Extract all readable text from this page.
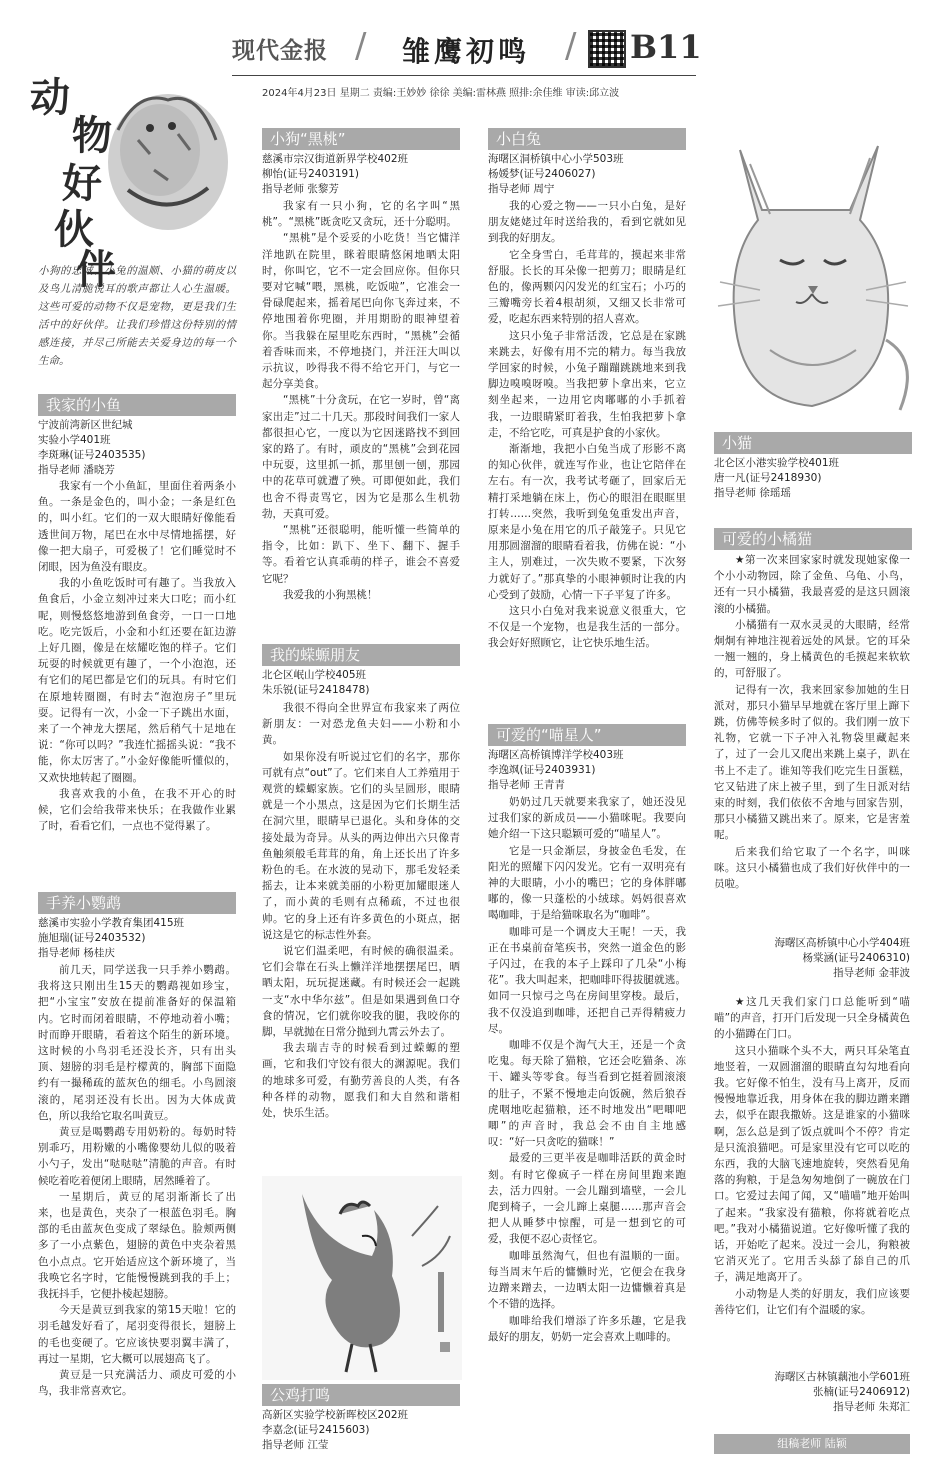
现代金报 / 雏鹰初鸣 / B11
2024年4月23日 星期二 责编:王妙妙 徐徐 美编:雷林燕 照排:余佳维 审读:邱立波
动
物
好
伙
伴
小狗的忠诚、小兔的温顺、小猫的萌皮以及鸟儿清脆悦耳的歌声都让人心生温暖。这些可爱的动物不仅是宠物，更是我们生活中的好伙伴。让我们珍惜这份特别的情感连接，并尽己所能去关爱身边的每一个生命。
我家的小鱼
宁波前湾新区世纪城
实验小学401班
李斑琳(证号2403535)
指导老师 潘晓芳

我家有一个小鱼缸，里面住着两条小鱼。一条是金色的，叫小金；一条是红色的，叫小红。它们的一双大眼睛好像能看透世间万物，尾巴在水中尽情地摇摆，好像一把大扇子，可爱极了！它们睡觉时不闭眼，因为鱼没有眼皮。

我的小鱼吃饭时可有趣了。当我放入鱼食后，小金立刻冲过来大口吃；而小红呢，则慢悠悠地游到鱼食旁，一口一口地吃。吃完饭后，小金和小红还要在缸边游上好几圈，像是在炫耀吃饱的样子。它们玩耍的时候就更有趣了，一个小泡泡，还有它们的尾巴都是它们的玩具。有时它们在原地转圈圈，有时去“泡泡房子”里玩耍。记得有一次，小金一下子跳出水面，来了一个神龙大摆尾，然后稍气十足地在说：“你可以吗？”我连忙摇摇头说：“我不能，你太厉害了。”小金好像能听懂似的，又欢快地转起了圈圈。

我喜欢我的小鱼，在我不开心的时候，它们会给我带来快乐；在我做作业累了时，看看它们，一点也不觉得累了。

手养小鹦鹉
慈溪市实验小学教育集团415班
施旭瑞(证号2403532)
指导老师 杨桂庆

前几天，同学送我一只手养小鹦鹉。我将这只刚出生15天的鹦鹉视如珍宝，把“小宝宝”安放在提前准备好的保温箱内。它时而闭着眼睛，不停地动着小嘴；时而睁开眼睛，看着这个陌生的新环境。这时候的小鸟羽毛还没长齐，只有出头顶、翅膀的羽毛是柠檬黄的，胸部下面隐约有一撮稀疏的蓝灰色的细毛。小鸟圆滚滚的，尾羽还没有长出。因为大体成黄色，所以我给它取名叫黄豆。

黄豆是喝鹦鹉专用奶粉的。每奶时特别乖巧，用粉嫩的小嘴像婴幼儿似的吸着小勺子，发出“哒哒哒”清脆的声音。有时候吃着吃着便闭上眼睛，居然睡着了。

一星期后，黄豆的尾羽渐渐长了出来，也是黄色，夹杂了一根蓝色羽毛。胸部的毛由蓝灰色变成了翠绿色。脸颊两侧多了一小点紫色，翅膀的黄色中夹杂着黑色小点点。它开始适应这个新环境了，当我唤它名字时，它能慢慢跳到我的手上；我抚抖手，它便扑棱起翅膀。

今天是黄豆到我家的第15天啦！它的羽毛越发好看了，尾羽变得很长，翅膀上的毛也变硬了。它应该快要羽翼丰满了，再过一星期，它大概可以展翅高飞了。

黄豆是一只充满活力、顽皮可爱的小鸟，我非常喜欢它。

小狗“黑桃”
慈溪市宗汉街道新界学校402班
柳怡(证号2403191)
指导老师 张黎芳

我家有一只小狗，它的名字叫“黑桃”。“黑桃”既贪吃又贪玩，还十分聪明。

“黑桃”是个妥妥的小吃货！当它慵洋洋地趴在院里，眯着眼睛悠闲地晒太阳时，你叫它，它不一定会回应你。但你只要对它喊“喂，黑桃，吃饭啦”，它准会一骨碌爬起来，摇着尾巴向你飞奔过来，不停地围着你兜圈，并用期盼的眼神望着你。当我躲在屋里吃东西时，“黑桃”会循着香味而来，不停地挠门，并汪汪大叫以示抗议，吵得我不得不给它开门，与它一起分享美食。

“黑桃”十分贪玩，在它一岁时，曾“离家出走”过二十几天。那段时间我们一家人都很担心它，一度以为它因迷路找不到回家的路了。有时，顽皮的“黑桃”会到花园中玩耍，这里抓一抓，那里刨一刨，那园中的花草可就遭了殃。可即便如此，我们也舍不得责骂它，因为它是那么生机勃勃，天真可爱。

“黑桃”还很聪明，能听懂一些简单的指令，比如：趴下、坐下、翻下、握手等。看着它认真乖萌的样子，谁会不喜爱它呢？

我爱我的小狗黑桃！

我的蝾螈朋友
北仑区岷山学校405班
朱乐锐(证号2418478)

我很不得向全世界宣布我家来了两位新朋友：一对恐龙鱼夫妇——小粉和小黄。

如果你没有听说过它们的名字，那你可就有点“out”了。它们来自人工养殖用于观赏的蝾螈家族。它们的头呈圆形，眼睛就是一个小黑点，这是因为它们长期生活在洞穴里，眼睛早已退化。头和身体的交接处最为奇异。从头的两边伸出六只像青鱼触须般毛茸茸的角，角上还长出了许多粉色的毛。在水波的晃动下，那毛发轻柔摇去，让本来就美丽的小粉更加耀眼迷人了，而小黄的毛则有点稀疏，不过也很帅。它的身上还有许多黄色的小斑点，据说这是它的标志性外套。

说它们温柔吧，有时候的确很温柔。它们会靠在石头上懒洋洋地摆摆尾巴，晒晒太阳，玩玩捉迷藏。有时候还会一起跳一支“水中华尔兹”。但是如果遇到鱼口夺食的情况，它们就你咬我的腿，我咬你的脚，早就抛在日常分抛到九霄云外去了。

我去瑞吉寺的时候看到过蝾螈的塑画，它和我们守饺有很大的渊源呢。我们的地球多可爱，有勤劳善良的人类，有各种各样的动物，愿我们和大自然和谐相处，快乐生活。

公鸡打鸣
高新区实验学校新晖校区202班
李嘉念(证号2415603)
指导老师 江莹
小白兔
海曙区洞桥镇中心小学503班
杨媛梦(证号2406027)
指导老师 周宁

我的心爱之物——一只小白兔，是好朋友姥姥过年时送给我的，看到它就如见到我的好朋友。

它全身雪白，毛茸茸的，摸起来非常舒服。长长的耳朵像一把剪刀；眼睛是红色的，像两颗闪闪发光的红宝石；小巧的三瓣嘴旁长着4根胡须，又细又长非常可爱，吃起东西来特别的招人喜欢。

这只小兔子非常活泼，它总是在家跳来跳去，好像有用不完的精力。每当我放学回家的时候，小兔子蹦蹦跳跳地来到我脚边嗅嗅呀嗅。当我把萝卜拿出来，它立刻坐起来，一边用它肉嘟嘟的小手抓着我，一边眼睛紧盯着我，生怕我把萝卜拿走，不给它吃，可真是护食的小家伙。

渐渐地，我把小白兔当成了形影不离的知心伙伴，就连写作业，也让它陪伴在左右。有一次，我考试考砸了，回家后无精打采地躺在床上，伤心的眼泪在眼眶里打转……突然，我听到兔兔重发出声音，原来是小兔在用它的爪子敲笼子。只见它用那圆溜溜的眼睛看着我，仿佛在说：“小主人，别难过，一次失败不要紧，下次努力就好了。”那真挚的小眼神顿时让我的内心受到了鼓励，心情一下子平复了许多。

这只小白兔对我来说意义很重大，它不仅是一个宠物，也是我生活的一部分。我会好好照顾它，让它快乐地生活。

可爱的“喵星人”
海曙区高桥镇博洋学校403班
李逸飒(证号2403931)
指导老师 王青青

奶奶过几天就要来我家了，她还没见过我们家的新成员——小猫咪呢。我要向她介绍一下这只聪颖可爱的“喵星人”。

它是一只金渐层，身披金色毛发，在阳光的照耀下闪闪发光。它有一双明亮有神的大眼睛，小小的嘴巴；它的身体胖嘟嘟的，像一只蓬松的小绒球。妈妈很喜欢喝咖啡，于是给猫咪取名为“咖啡”。

咖啡可是一个调皮大王呢！一天，我正在书桌前奋笔疾书，突然一道金色的影子闪过，在我的本子上踩印了几朵“小梅花”。我大叫起来，把咖啡吓得拔腿就逃。如同一只惊弓之鸟在房间里穿梭。最后，我不仅没追到咖啡，还把自己弄得精疲力尽。

咖啡不仅是个淘气大王，还是一个贪吃鬼。每天除了猫粮，它还会吃猫条、冻干、罐头等零食。每当看到它挺着圆滚滚的肚子，不紧不慢地走向饭碗，然后狼吞虎咽地吃起猫粮，还不时地发出“吧唧吧唧”的声音时，我总会不由自主地感叹：“好一只贪吃的猫咪！”

最爱的三更半夜是咖啡活跃的黄金时刻。有时它像疯子一样在房间里跑来跑去，活力四射。一会儿蹦到墙壁，一会儿爬到椅子，一会儿蹿上桌腿……那声音会把人从睡梦中惊醒，可是一想到它的可爱，我便不忍心责怪它。

咖啡虽然淘气，但也有温顺的一面。每当周末午后的慵懒时光，它便会在我身边蹭来蹭去，一边晒太阳一边慵懒着真是个不错的选择。

咖啡给我们增添了许多乐趣，它是我最好的朋友，奶奶一定会喜欢上咖啡的。

小猫
北仑区小港实验学校401班
唐一凡(证号2418930)
指导老师 徐瑶瑶
可爱的小橘猫

★第一次来回家家时就发现她家像一个小小动物园，除了金鱼、乌龟、小鸟，还有一只小橘猫，我最喜爱的是这只圆滚滚的小橘猫。

小橘猫有一双水灵灵的大眼睛，经常炯炯有神地注视着远处的风景。它的耳朵一翘一翘的，身上橘黄色的毛摸起来软软的，可舒服了。

记得有一次，我来回家参加她的生日派对，那只小猫早早地就在客厅里上蹿下跳，仿佛等候多时了似的。我们刚一放下礼物，它就一下子冲入礼物袋里藏起来了，过了一会儿又爬出来跳上桌子，趴在书上不走了。谁知等我们吃完生日蛋糕，它又钻进了床上被子里，到了生日派对结束的时刻，我们依依不舍地与回家告别，那只小橘猫又跳出来了。原来，它是害羞呢。

后来我们给它取了一个名字，叫咪咪。这只小橘猫也成了我们好伙伴中的一员啦。

海曙区高桥镇中心小学404班
杨棠涵(证号2406310)
指导老师 金菲波

★这几天我们家门口总能听到“喵喵”的声音，打开门后发现一只全身橘黄色的小猫蹲在门口。

这只小猫咪个头不大，两只耳朵笔直地竖着，一双圆溜溜的眼睛直勾勾地看向我。它好像不怕生，没有马上离开，反而慢慢地靠近我，用身体在我的脚边蹭来蹭去，似乎在跟我撒娇。这是谁家的小猫咪啊，怎么总是到了饭点就叫个不停？肯定是只流浪猫吧。可是家里没有它可以吃的东西，我的大脑飞速地旋转，突然看见角落的狗粮，于是急匆匆地倒了一碗放在门口。它爱过去闻了闻，又“喵喵”地开始叫了起来。“我家没有猫粮，你将就着吃点吧。”我对小橘猫说道。它好像听懂了我的话，开始吃了起来。没过一会儿，狗粮被它消灭光了。它用舌头舔了舔自己的爪子，满足地离开了。

小动物是人类的好朋友，我们应该要善待它们，让它们有个温暖的家。

海曙区古林镇藕池小学601班
张楠(证号2406912)
指导老师 朱郑汇
组稿老师 陆颖
